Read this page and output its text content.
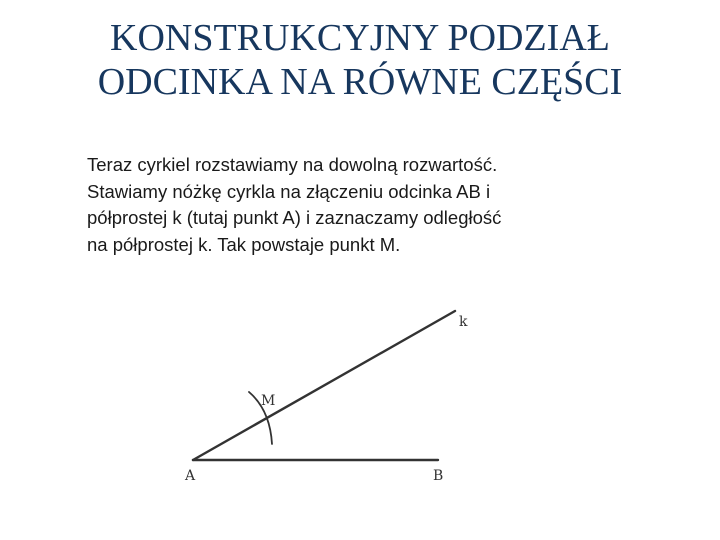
KONSTRUKCYJNY PODZIAŁ
ODCINKA NA RÓWNE CZĘŚCI

Teraz cyrkiel rozstawiamy na dowolną rozwartość.
Stawiamy nóżkę cyrkla na złączeniu odcinka AB i
półprostej k (tutaj punkt A) i zaznaczamy odległość
na półprostej k. Tak powstaje punkt M.

k
M
A	B
